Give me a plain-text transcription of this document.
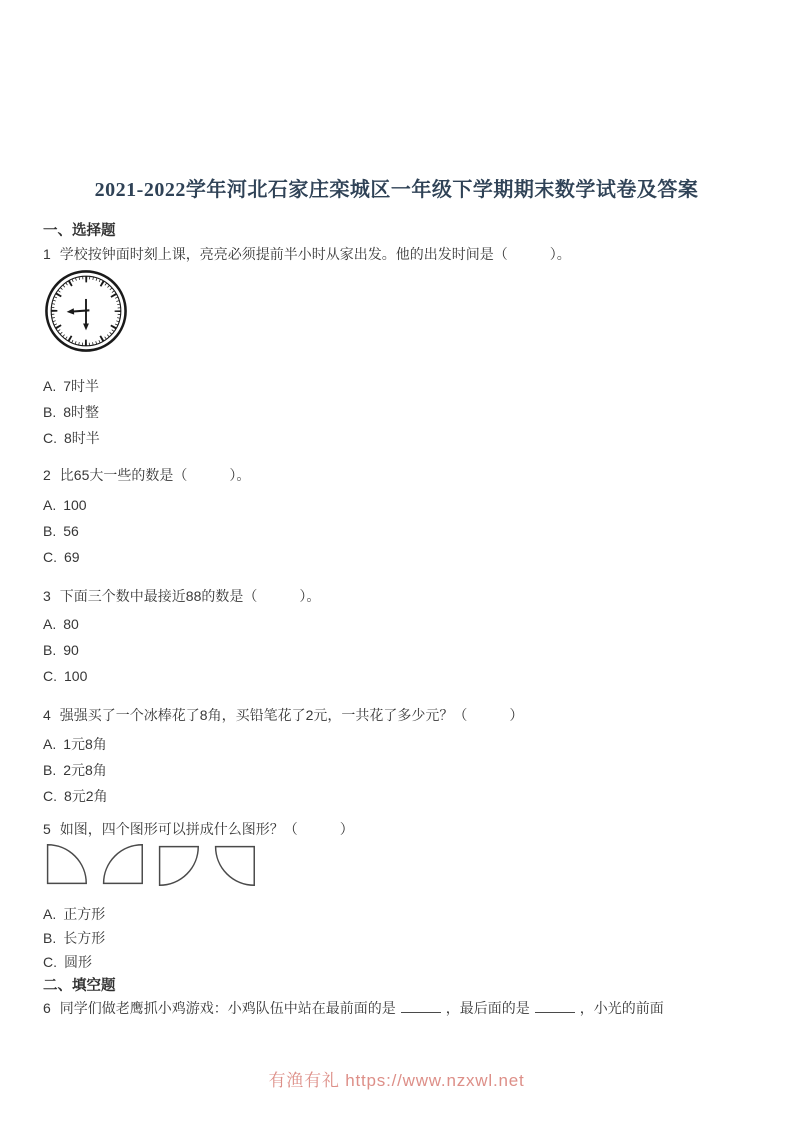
2021-2022学年河北石家庄栾城区一年级下学期期末数学试卷及答案
一、选择题
1 学校按钟面时刻上课，亮亮必须提前半小时从家出发。他的出发时间是（　　　）。
A. 7时半
B. 8时整
C. 8时半
2 比65大一些的数是（　　　）。
A. 100
B. 56
C. 69
3 下面三个数中最接近88的数是（　　　）。
A. 80
B. 90
C. 100
4 强强买了一个冰棒花了8角，买铅笔花了2元，一共花了多少元？（　　　）
A. 1元8角
B. 2元8角
C. 8元2角
5 如图，四个图形可以拼成什么图形？（　　　）
A. 正方形
B. 长方形
C. 圆形
二、填空题
6 同学们做老鹰抓小鸡游戏：小鸡队伍中站在最前面的是	，最后面的是	，小光的前面
有渔有礼 https://www.nzxwl.net
